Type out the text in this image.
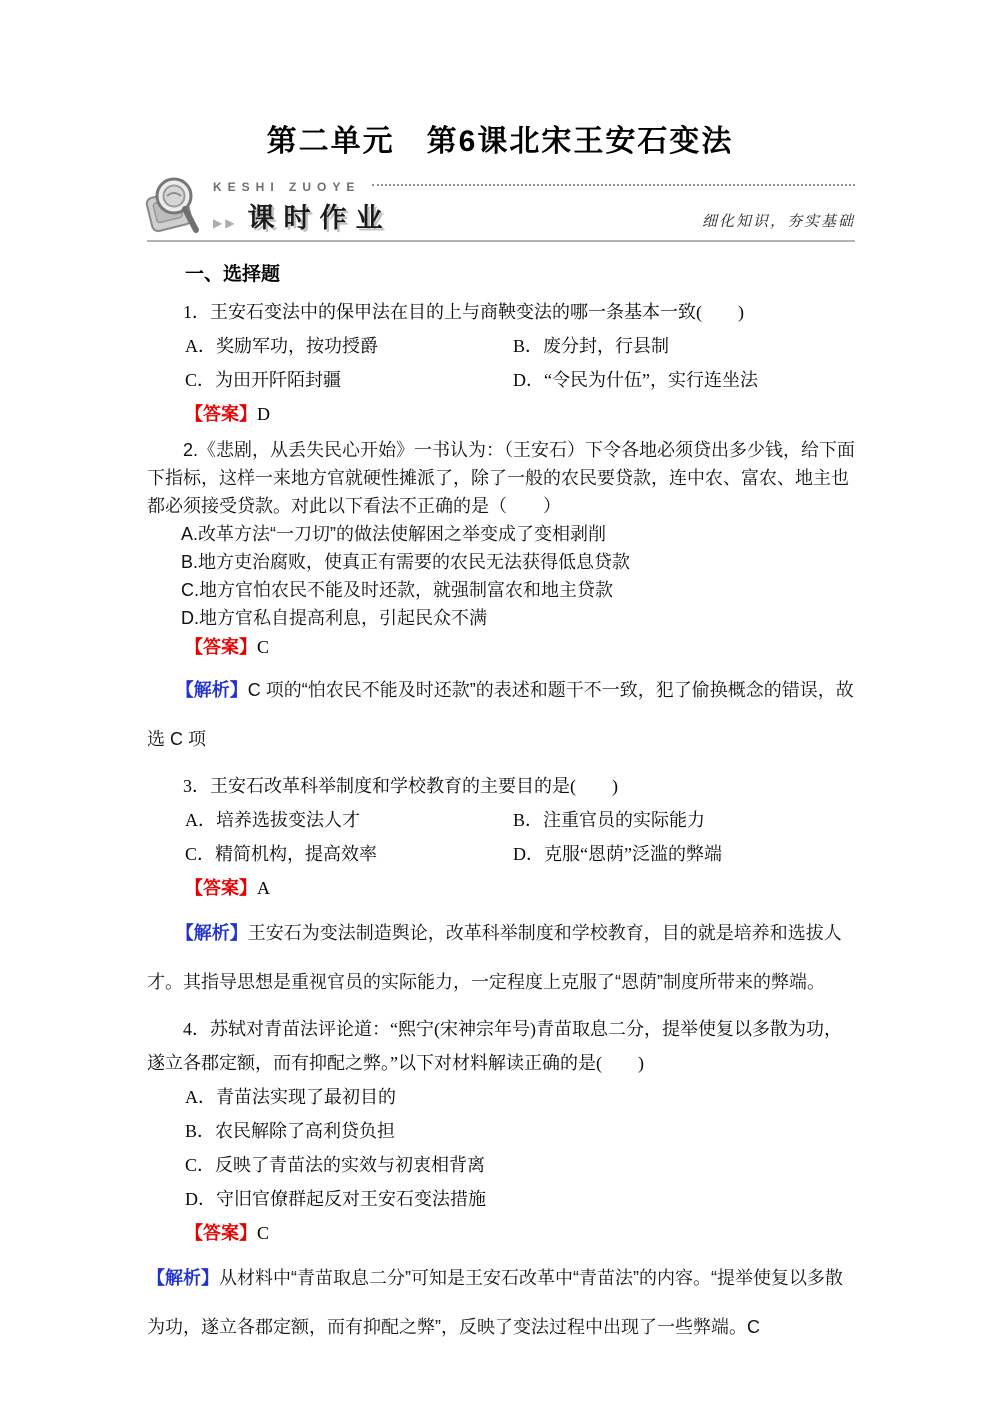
第二单元　第6课北宋王安石变法
KESHI ZUOYE
▶▶ 课时作业	细化知识，夯实基础
一、选择题
1．王安石变法中的保甲法在目的上与商鞅变法的哪一条基本一致(　　)
A．奖励军功，按功授爵	B．废分封，行县制
C．为田开阡陌封疆	D．“令民为什伍”，实行连坐法
【答案】D
2.《悲剧，从丢失民心开始》一书认为：（王安石）下令各地必须贷出多少钱，给下面下指标，这样一来地方官就硬性摊派了，除了一般的农民要贷款，连中农、富农、地主也都必须接受贷款。对此以下看法不正确的是（　　）
A.改革方法“一刀切”的做法使解困之举变成了变相剥削
B.地方吏治腐败，使真正有需要的农民无法获得低息贷款
C.地方官怕农民不能及时还款，就强制富农和地主贷款
D.地方官私自提高利息，引起民众不满
【答案】C
【解析】C 项的“怕农民不能及时还款”的表述和题干不一致，犯了偷换概念的错误，故选 C 项
3．王安石改革科举制度和学校教育的主要目的是(　　)
A．培养选拔变法人才	B．注重官员的实际能力
C．精简机构，提高效率	D．克服“恩荫”泛滥的弊端
【答案】A
【解析】王安石为变法制造舆论，改革科举制度和学校教育，目的就是培养和选拔人才。其指导思想是重视官员的实际能力，一定程度上克服了“恩荫”制度所带来的弊端。
4．苏轼对青苗法评论道：“熙宁(宋神宗年号)青苗取息二分，提举使复以多散为功，遂立各郡定额，而有抑配之弊。”以下对材料解读正确的是(　　)
A．青苗法实现了最初目的
B．农民解除了高利贷负担
C．反映了青苗法的实效与初衷相背离
D．守旧官僚群起反对王安石变法措施
【答案】C
【解析】从材料中“青苗取息二分”可知是王安石改革中“青苗法”的内容。“提举使复以多散为功，遂立各郡定额，而有抑配之弊”，反映了变法过程中出现了一些弊端。C
